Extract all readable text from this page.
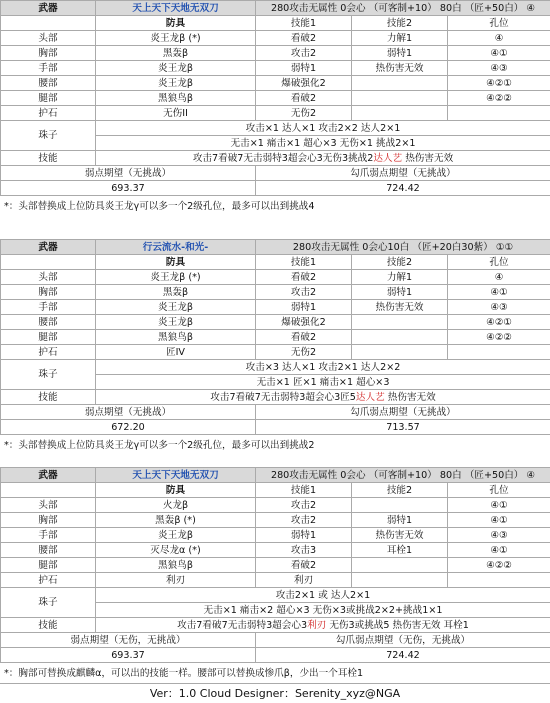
武器	天上天下天地无双刀	280攻击无属性 0会心 （可客制+10） 80白 （匠+50白） ④		
	防具	技能1	技能2	孔位
头部	炎王龙β (*)	看破2	力解1	④
胸部	黑轰β	攻击2	弱特1	④①
手部	炎王龙β	弱特1	热伤害无效	④③
腰部	炎王龙β	爆破强化2		④②①
腿部	黑狼鸟β	看破2		④②②
护石	无伤II	无伤2		
珠子	攻击×1 达人×1 攻击2×2 达人2×1			
	无击×1 痛击×1 超心×3 无伤×1 挑战2×1			
技能	攻击7看破7无击弱特3超会心3无伤3挑战2达人艺 热伤害无效			
弱点期望（无挑战）		勾爪弱点期望（无挑战）		
693.37		724.42		
*：头部替换成上位防具炎王龙γ可以多一个2级孔位，最多可以出到挑战4
武器	行云流水-和光-	280攻击无属性 0会心10白 （匠+20白30紫） ①①		
	防具	技能1	技能2	孔位
头部	炎王龙β (*)	看破2	力解1	④
胸部	黑轰β	攻击2	弱特1	④①
手部	炎王龙β	弱特1	热伤害无效	④③
腰部	炎王龙β	爆破强化2		④②①
腿部	黑狼鸟β	看破2		④②②
护石	匠IV	无伤2		
珠子	攻击×3 达人×1 攻击2×1 达人2×2			
	无击×1 匠×1 痛击×1 超心×3			
技能	攻击7看破7无击弱特3超会心3匠5达人艺 热伤害无效			
弱点期望（无挑战）		勾爪弱点期望（无挑战）		
672.20		713.57		
*：头部替换成上位防具炎王龙γ可以多一个2级孔位，最多可以出到挑战2
武器	天上天下天地无双刀	280攻击无属性 0会心 （可客制+10） 80白 （匠+50白） ④		
	防具	技能1	技能2	孔位
头部	火龙β	攻击2		④①
胸部	黑轰β (*)	攻击2	弱特1	④①
手部	炎王龙β	弱特1	热伤害无效	④③
腰部	灭尽龙α (*)	攻击3	耳栓1	④①
腿部	黑狼鸟β	看破2		④②②
护石	利刃	利刃		
珠子	攻击2×1 或 达人2×1			
	无击×1 痛击×2 超心×3 无伤×3或挑战2×2+挑战1×1			
技能	攻击7看破7无击弱特3超会心3利刃 无伤3或挑战5 热伤害无效 耳栓1			
弱点期望（无伤，无挑战）		勾爪弱点期望（无伤，无挑战）		
693.37		724.42		
*：胸部可替换成麒麟α，可以出的技能一样。腰部可以替换成惨爪β，少出一个耳栓1
Ver：1.0 Cloud Designer：Serenity_xyz@NGA
